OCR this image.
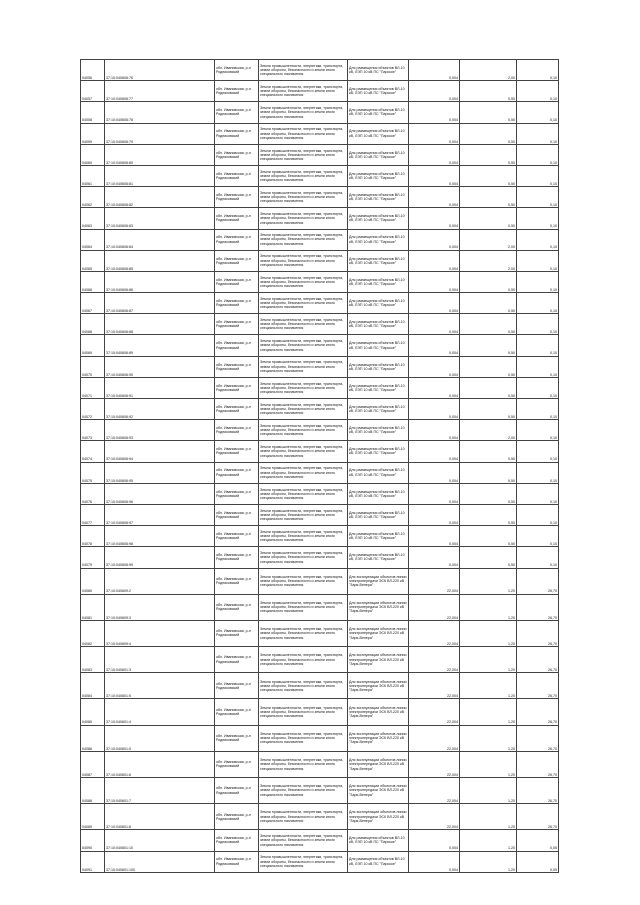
04056	37:10:040606:76	обл. Ивановская, р-н Родниковский	Земли промышленности, энергетики, транспорта, земли обороны, безопасности и земли иного специального назначения	Для размещения объектов ВЛ-10 кВ, ЛЭП 10 кВ ПС "Парское"	0,004	2,00	0,10
04057	37:10:040606:77	обл. Ивановская, р-н Родниковский	Земли промышленности, энергетики, транспорта, земли обороны, безопасности и земли иного специального назначения	Для размещения объектов ВЛ-10 кВ, ЛЭП 10 кВ ПС "Парское"	0,004	0,50	0,10
04058	37:10:040606:78	обл. Ивановская, р-н Родниковский	Земли промышленности, энергетики, транспорта, земли обороны, безопасности и земли иного специального назначения	Для размещения объектов ВЛ-10 кВ, ЛЭП 10 кВ ПС "Парское"	0,004	0,50	0,10
04059	37:10:040606:79	обл. Ивановская, р-н Родниковский	Земли промышленности, энергетики, транспорта, земли обороны, безопасности и земли иного специального назначения	Для размещения объектов ВЛ-10 кВ, ЛЭП 10 кВ ПС "Парское"	0,004	0,50	0,10
04060	37:10:040606:80	обл. Ивановская, р-н Родниковский	Земли промышленности, энергетики, транспорта, земли обороны, безопасности и земли иного специального назначения	Для размещения объектов ВЛ-10 кВ, ЛЭП 10 кВ ПС "Парское"	0,004	0,50	0,10
04061	37:10:040606:81	обл. Ивановская, р-н Родниковский	Земли промышленности, энергетики, транспорта, земли обороны, безопасности и земли иного специального назначения	Для размещения объектов ВЛ-10 кВ, ЛЭП 10 кВ ПС "Парское"	0,004	0,50	0,10
04062	37:10:040606:82	обл. Ивановская, р-н Родниковский	Земли промышленности, энергетики, транспорта, земли обороны, безопасности и земли иного специального назначения	Для размещения объектов ВЛ-10 кВ, ЛЭП 10 кВ ПС "Парское"	0,004	0,50	0,10
04063	37:10:040606:83	обл. Ивановская, р-н Родниковский	Земли промышленности, энергетики, транспорта, земли обороны, безопасности и земли иного специального назначения	Для размещения объектов ВЛ-10 кВ, ЛЭП 10 кВ ПС "Парское"	0,004	0,50	0,10
04064	37:10:040606:84	обл. Ивановская, р-н Родниковский	Земли промышленности, энергетики, транспорта, земли обороны, безопасности и земли иного специального назначения	Для размещения объектов ВЛ-10 кВ, ЛЭП 10 кВ ПС "Парское"	0,004	2,00	0,10
04065	37:10:040606:85	обл. Ивановская, р-н Родниковский	Земли промышленности, энергетики, транспорта, земли обороны, безопасности и земли иного специального назначения	Для размещения объектов ВЛ-10 кВ, ЛЭП 10 кВ ПС "Парское"	0,004	2,00	0,10
04066	37:10:040606:86	обл. Ивановская, р-н Родниковский	Земли промышленности, энергетики, транспорта, земли обороны, безопасности и земли иного специального назначения	Для размещения объектов ВЛ-10 кВ, ЛЭП 10 кВ ПС "Парское"	0,004	0,50	0,10
04067	37:10:040606:87	обл. Ивановская, р-н Родниковский	Земли промышленности, энергетики, транспорта, земли обороны, безопасности и земли иного специального назначения	Для размещения объектов ВЛ-10 кВ, ЛЭП 10 кВ ПС "Парское"	0,004	0,50	0,10
04068	37:10:040606:88	обл. Ивановская, р-н Родниковский	Земли промышленности, энергетики, транспорта, земли обороны, безопасности и земли иного специального назначения	Для размещения объектов ВЛ-10 кВ, ЛЭП 10 кВ ПС "Парское"	0,004	0,50	0,10
04069	37:10:040606:89	обл. Ивановская, р-н Родниковский	Земли промышленности, энергетики, транспорта, земли обороны, безопасности и земли иного специального назначения	Для размещения объектов ВЛ-10 кВ, ЛЭП 10 кВ ПС "Парское"	0,004	0,50	0,10
04070	37:10:040606:90	обл. Ивановская, р-н Родниковский	Земли промышленности, энергетики, транспорта, земли обороны, безопасности и земли иного специального назначения	Для размещения объектов ВЛ-10 кВ, ЛЭП 10 кВ ПС "Парское"	0,004	0,50	0,10
04071	37:10:040606:91	обл. Ивановская, р-н Родниковский	Земли промышленности, энергетики, транспорта, земли обороны, безопасности и земли иного специального назначения	Для размещения объектов ВЛ-10 кВ, ЛЭП 10 кВ ПС "Парское"	0,004	0,50	0,10
04072	37:10:040606:92	обл. Ивановская, р-н Родниковский	Земли промышленности, энергетики, транспорта, земли обороны, безопасности и земли иного специального назначения	Для размещения объектов ВЛ-10 кВ, ЛЭП 10 кВ ПС "Парское"	0,004	0,50	0,10
04073	37:10:040606:93	обл. Ивановская, р-н Родниковский	Земли промышленности, энергетики, транспорта, земли обороны, безопасности и земли иного специального назначения	Для размещения объектов ВЛ-10 кВ, ЛЭП 10 кВ ПС "Парское"	0,004	2,00	0,10
04074	37:10:040606:94	обл. Ивановская, р-н Родниковский	Земли промышленности, энергетики, транспорта, земли обороны, безопасности и земли иного специального назначения	Для размещения объектов ВЛ-10 кВ, ЛЭП 10 кВ ПС "Парское"	0,004	0,50	0,10
04075	37:10:040606:95	обл. Ивановская, р-н Родниковский	Земли промышленности, энергетики, транспорта, земли обороны, безопасности и земли иного специального назначения	Для размещения объектов ВЛ-10 кВ, ЛЭП 10 кВ ПС "Парское"	0,004	0,50	0,10
04076	37:10:040606:96	обл. Ивановская, р-н Родниковский	Земли промышленности, энергетики, транспорта, земли обороны, безопасности и земли иного специального назначения	Для размещения объектов ВЛ-10 кВ, ЛЭП 10 кВ ПС "Парское"	0,004	0,50	0,10
04077	37:10:040606:97	обл. Ивановская, р-н Родниковский	Земли промышленности, энергетики, транспорта, земли обороны, безопасности и земли иного специального назначения	Для размещения объектов ВЛ-10 кВ, ЛЭП 10 кВ ПС "Парское"	0,004	0,50	0,10
04078	37:10:040606:98	обл. Ивановская, р-н Родниковский	Земли промышленности, энергетики, транспорта, земли обороны, безопасности и земли иного специального назначения	Для размещения объектов ВЛ-10 кВ, ЛЭП 10 кВ ПС "Парское"	0,004	0,50	0,10
04079	37:10:040606:99	обл. Ивановская, р-н Родниковский	Земли промышленности, энергетики, транспорта, земли обороны, безопасности и земли иного специального назначения	Для размещения объектов ВЛ-10 кВ, ЛЭП 10 кВ ПС "Парское"	0,004	0,50	0,10
04080	37:10:040609:2	обл. Ивановская, р-н Родниковский	Земли промышленности, энергетики, транспорта, земли обороны, безопасности и земли иного специального назначения	Для эксплуатации объектов линии электропередачи ЭСК ВЛ-220 кВ "Заря-Венера"	22,004	1,20	26,70
04081	37:10:040609:3	обл. Ивановская, р-н Родниковский	Земли промышленности, энергетики, транспорта, земли обороны, безопасности и земли иного специального назначения	Для эксплуатации объектов линии электропередачи ЭСК ВЛ-220 кВ "Заря-Венера"	22,004	1,20	26,70
04082	37:10:040609:4	обл. Ивановская, р-н Родниковский	Земли промышленности, энергетики, транспорта, земли обороны, безопасности и земли иного специального назначения	Для эксплуатации объектов линии электропередачи ЭСК ВЛ-220 кВ "Заря-Венера"	22,004	1,20	26,70
04083	37:10:040601:3	обл. Ивановская, р-н Родниковский	Земли промышленности, энергетики, транспорта, земли обороны, безопасности и земли иного специального назначения	Для эксплуатации объектов линии электропередачи ЭСК ВЛ-220 кВ "Заря-Венера"	22,004	1,20	26,70
04084	37:10:040601:5	обл. Ивановская, р-н Родниковский	Земли промышленности, энергетики, транспорта, земли обороны, безопасности и земли иного специального назначения	Для эксплуатации объектов линии электропередачи ЭСК ВЛ-220 кВ "Заря-Венера"	22,004	1,20	26,70
04085	37:10:040601:4	обл. Ивановская, р-н Родниковский	Земли промышленности, энергетики, транспорта, земли обороны, безопасности и земли иного специального назначения	Для эксплуатации объектов линии электропередачи ЭСК ВЛ-220 кВ "Заря-Венера"	22,004	1,20	26,70
04086	37:10:040601:5	обл. Ивановская, р-н Родниковский	Земли промышленности, энергетики, транспорта, земли обороны, безопасности и земли иного специального назначения	Для эксплуатации объектов линии электропередачи ЭСК ВЛ-220 кВ "Заря-Венера"	22,004	1,20	26,70
04087	37:10:040601:6	обл. Ивановская, р-н Родниковский	Земли промышленности, энергетики, транспорта, земли обороны, безопасности и земли иного специального назначения	Для эксплуатации объектов линии электропередачи ЭСК ВЛ-220 кВ "Заря-Венера"	22,004	1,20	26,70
04088	37:10:040601:7	обл. Ивановская, р-н Родниковский	Земли промышленности, энергетики, транспорта, земли обороны, безопасности и земли иного специального назначения	Для эксплуатации объектов линии электропередачи ЭСК ВЛ-220 кВ "Заря-Венера"	22,004	1,20	26,70
04089	37:10:040601:8	обл. Ивановская, р-н Родниковский	Земли промышленности, энергетики, транспорта, земли обороны, безопасности и земли иного специального назначения	Для эксплуатации объектов линии электропередачи ЭСК ВЛ-220 кВ "Заря-Венера"	22,004	1,20	26,70
04090	37:10:040601:10	обл. Ивановская, р-н Родниковский	Земли промышленности, энергетики, транспорта, земли обороны, безопасности и земли иного специального назначения	Для размещения объектов ВЛ-10 кВ, ЛЭП 10 кВ ПС "Парское"	0,004	1,20	0,05
04091	37:10:040601:100	обл. Ивановская, р-н Родниковский	Земли промышленности, энергетики, транспорта, земли обороны, безопасности и земли иного специального назначения	Для размещения объектов ВЛ-10 кВ, ЛЭП 10 кВ ПС "Парское"	0,004	1,20	0,05
